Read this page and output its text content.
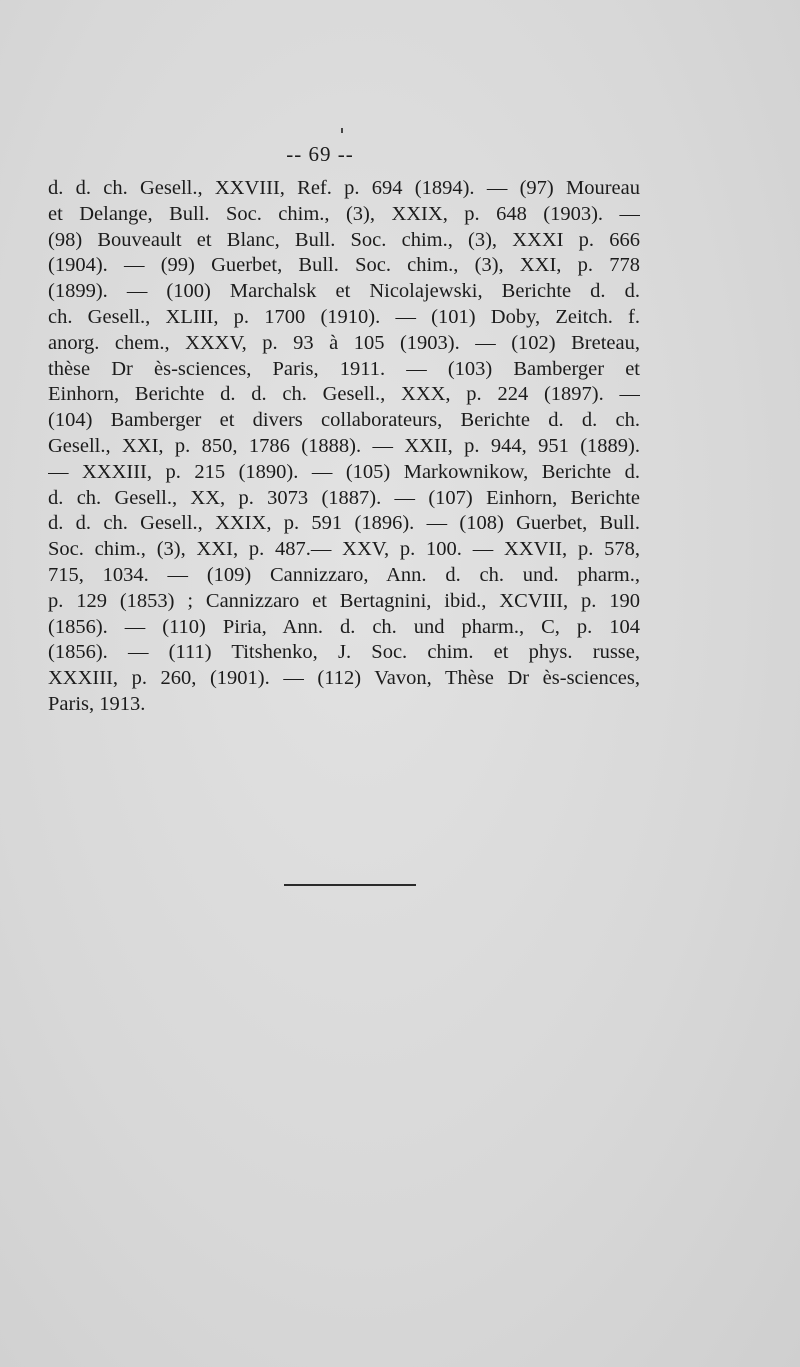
-- 69 --
d. d. ch. Gesell., XXVIII, Ref. p. 694 (1894). — (97) Moureau
et Delange, Bull. Soc. chim., (3), XXIX, p. 648 (1903). —
(98) Bouveault et Blanc, Bull. Soc. chim., (3), XXXI p. 666
(1904). — (99) Guerbet, Bull. Soc. chim., (3), XXI, p. 778
(1899). — (100) Marchalsk et Nicolajewski, Berichte d. d.
ch. Gesell., XLIII, p. 1700 (1910). — (101) Doby, Zeitch. f.
anorg. chem., XXXV, p. 93 à 105 (1903). — (102) Breteau,
thèse Dr ès-sciences, Paris, 1911. — (103) Bamberger et
Einhorn, Berichte d. d. ch. Gesell., XXX, p. 224 (1897). —
(104) Bamberger et divers collaborateurs, Berichte d. d. ch.
Gesell., XXI, p. 850, 1786 (1888). — XXII, p. 944, 951 (1889).
— XXXIII, p. 215 (1890). — (105) Markownikow, Berichte d.
d. ch. Gesell., XX, p. 3073 (1887). — (107) Einhorn, Berichte
d. d. ch. Gesell., XXIX, p. 591 (1896). — (108) Guerbet, Bull.
Soc. chim., (3), XXI, p. 487.— XXV, p. 100. — XXVII, p. 578,
715, 1034. — (109) Cannizzaro, Ann. d. ch. und. pharm.,
p. 129 (1853) ; Cannizzaro et Bertagnini, ibid., XCVIII, p. 190
(1856). — (110) Piria, Ann. d. ch. und pharm., C, p. 104
(1856). — (111) Titshenko, J. Soc. chim. et phys. russe,
XXXIII, p. 260, (1901). — (112) Vavon, Thèse Dr ès-sciences,
Paris, 1913.
